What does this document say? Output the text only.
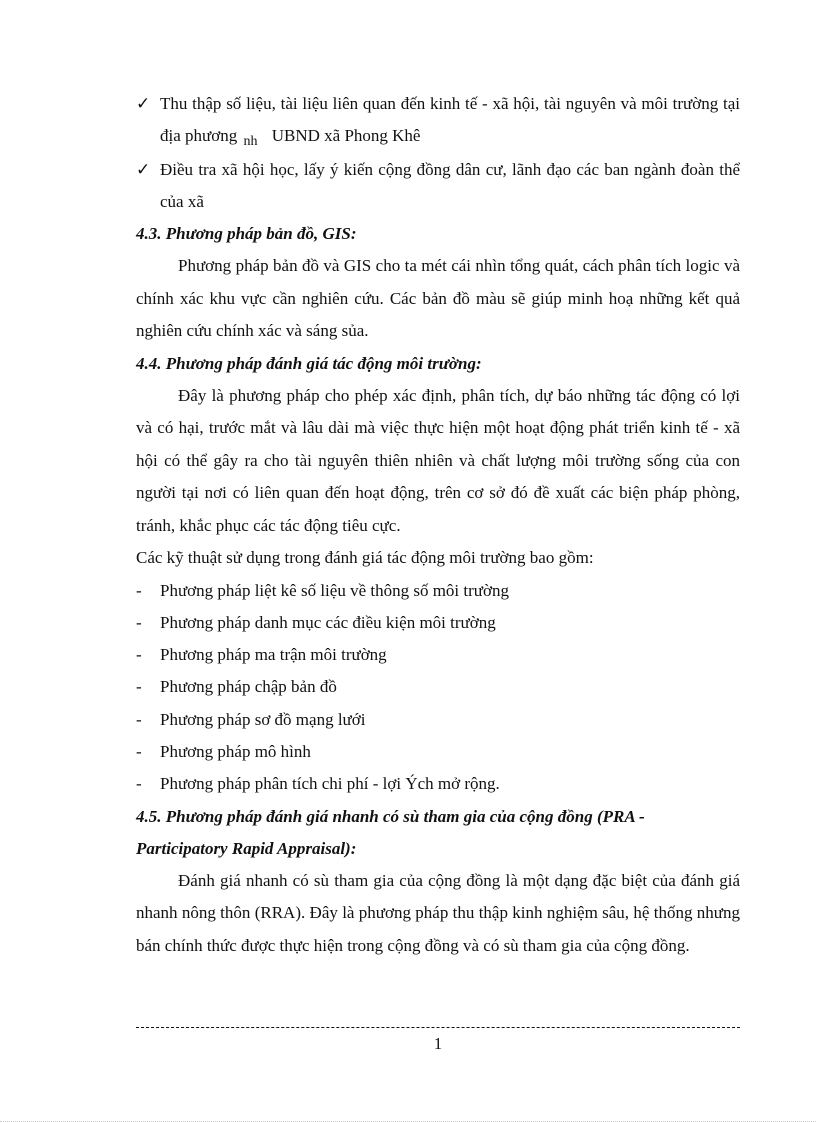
✓ Thu thập số liệu, tài liệu liên quan đến kinh tế - xã hội, tài nguyên và môi trường tại địa phương $_{nh}$ UBND xã Phong Khê
✓ Điều tra xã hội học, lấy ý kiến cộng đồng dân cư, lãnh đạo các ban ngành đoàn thể của xã
4.3. Phương pháp bản đồ, GIS:
Phương pháp bản đồ và GIS cho ta mét cái nhìn tổng quát, cách phân tích logic và chính xác khu vực cần nghiên cứu. Các bản đồ màu sẽ giúp minh hoạ những kết quả nghiên cứu chính xác và sáng sủa.
4.4. Phương pháp đánh giá tác động môi trường:
Đây là phương pháp cho phép xác định, phân tích, dự báo những tác động có lợi và có hại, trước mắt và lâu dài mà việc thực hiện một hoạt động phát triển kinh tế - xã hội có thể gây ra cho tài nguyên thiên nhiên và chất lượng môi trường sống của con người tại nơi có liên quan đến hoạt động, trên cơ sở đó đề xuất các biện pháp phòng, tránh, khắc phục các tác động tiêu cực.
Các kỹ thuật sử dụng trong đánh giá tác động môi trường bao gồm:
- Phương pháp liệt kê số liệu về thông số môi trường
- Phương pháp danh mục các điều kiện môi trường
- Phương pháp ma trận môi trường
- Phương pháp chập bản đồ
- Phương pháp sơ đồ mạng lưới
- Phương pháp mô hình
- Phương pháp phân tích chi phí - lợi Ých mở rộng.
4.5. Phương pháp đánh giá nhanh có sù tham gia của cộng đồng (PRA - Participatory Rapid Appraisal):
Đánh giá nhanh có sù tham gia của cộng đồng là một dạng đặc biệt của đánh giá nhanh nông thôn (RRA). Đây là phương pháp thu thập kinh nghiệm sâu, hệ thống nhưng bán chính thức được thực hiện trong cộng đồng và có sù tham gia của cộng đồng.
1
